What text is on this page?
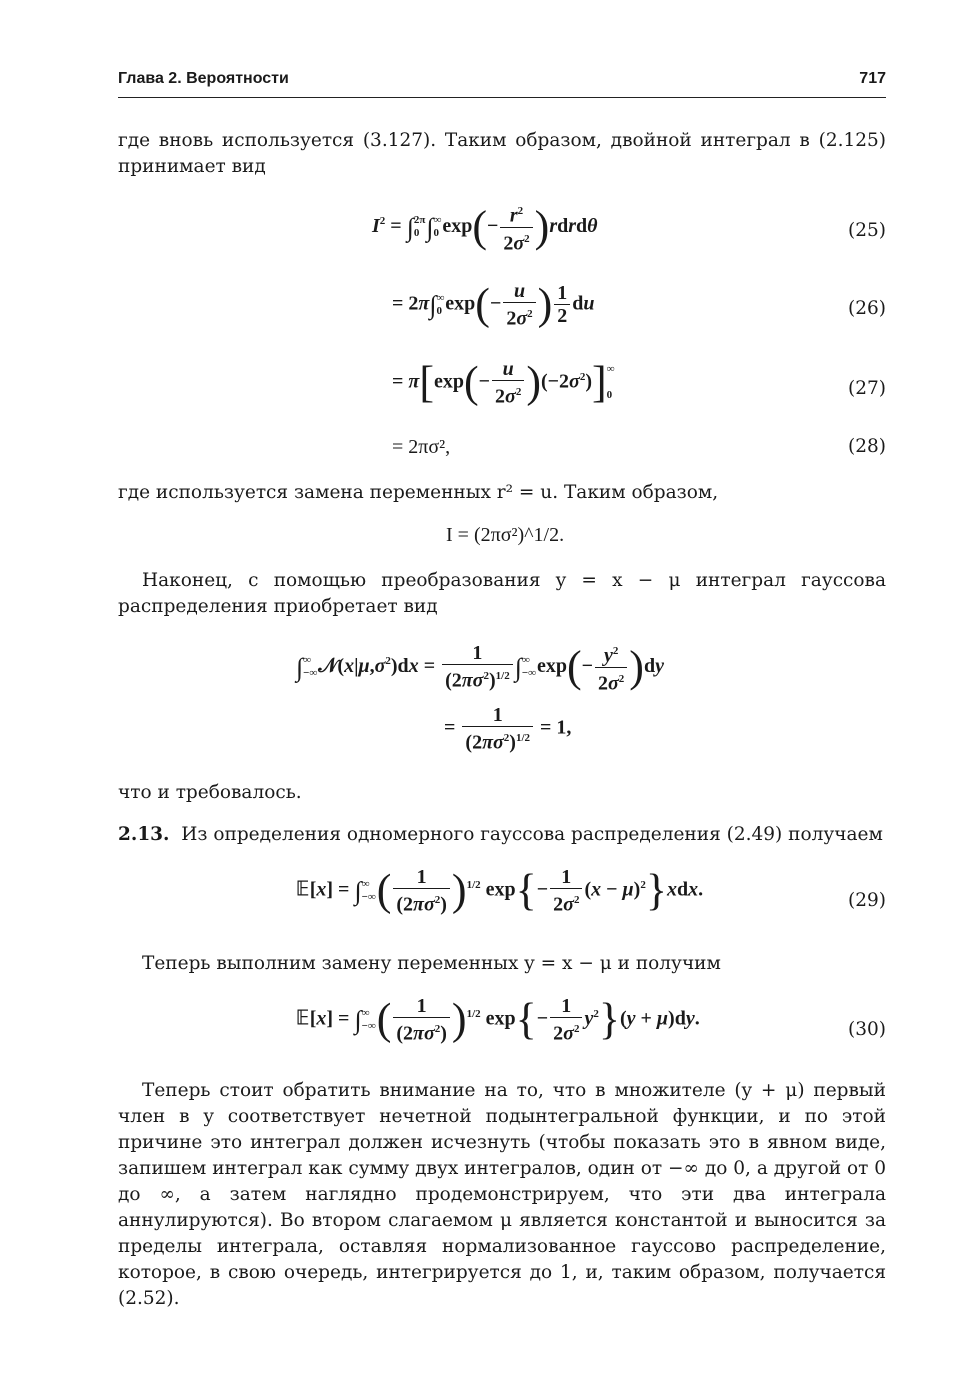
Глава 2. Вероятности	717
где вновь используется (3.127). Таким образом, двойной интеграл в (2.125) принимает вид
$I^2$ = ∫ 2π
0 ∫ ∞
0 $\exp(- \frac{r^2}{2\sigma^2}$ )rdrdθ	(25)
= 2π∫ ∞
0 $\exp(- \frac{u}{2\sigma^2}$ ) $\frac{1}{2}$ du	(26)
= $\pi[\exp(- \frac{u}{2\sigma^2} )(-2\sigma^2)]$ ∞

0	(27)
= 2πσ²,	(28)
где используется замена переменных r² = u. Таким образом,
I = (2πσ²)^1/2.
Наконец, с помощью преобразования y = x − μ интеграл гауссова распределения приобретает вид
∫ ∞
−∞ $𝒩(x|\mu,\sigma^2)dx = \frac{1}{(2\pi\sigma^2)^{1/2}}$ ∫ ∞
−∞ $\exp(- \frac{y^2}{2\sigma^2} )dy$
= $\frac{1}{(2\pi\sigma^2)^{1/2}} = 1$,
что и требовалось.
2.13. Из определения одномерного гауссова распределения (2.49) получаем
𝔼[x] = ∫ ∞
−∞ ( $\frac{1}{(2\pi\sigma^2)} )^{1/2}$ $\exp\{- \frac{1}{2\sigma^2} (x - \mu)^2\}xdx$.
(29)
Теперь выполним замену переменных y = x − μ и получим
𝔼[x] = ∫ ∞
−∞ ( $\frac{1}{(2\pi\sigma^2)} )^{1/2}$ $\exp\{- \frac{1}{2\sigma^2} y^2\}(y + \mu)dy$.
(30)
Теперь стоит обратить внимание на то, что в множителе (y + μ) первый член в y соответствует нечетной подынтегральной функции, и по этой причине это интеграл должен исчезнуть (чтобы показать это в явном виде, запишем интеграл как сумму двух интегралов, один от −∞ до 0, а другой от 0 до ∞, а затем наглядно продемонстрируем, что эти два интеграла аннулируются). Во втором слагаемом μ является константой и выносится за пределы интеграла, оставляя нормализованное гауссово распределение, которое, в свою очередь, интегрируется до 1, и, таким образом, получается (2.52).
